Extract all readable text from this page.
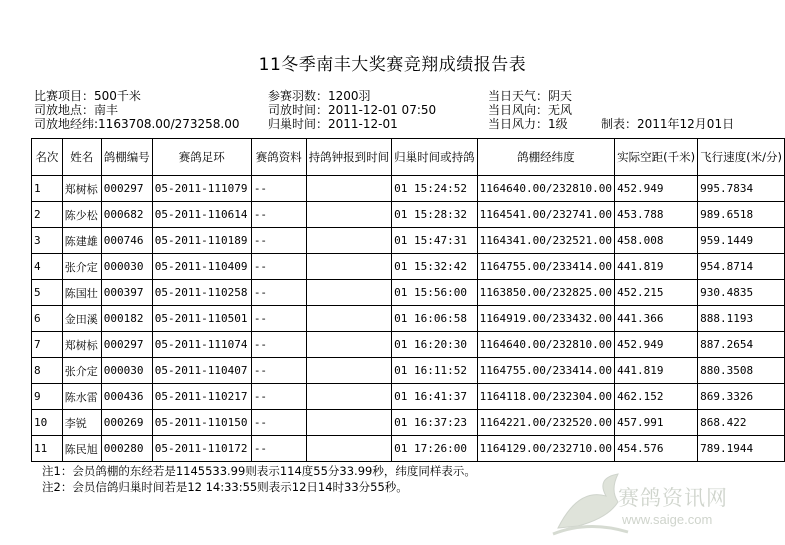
11冬季南丰大奖赛竞翔成绩报告表
比赛项目：500千米
司放地点：南丰
司放地经纬:1163708.00/273258.00
参赛羽数：1200羽
司放时间：2011-12-01 07:50
归巢时间：2011-12-01
当日天气：阴天
当日风向：无风
当日风力：1级	制表：2011年12月01日
名次	姓名	鸽棚编号	赛鸽足环	赛鸽资料	持鸽钟报到时间	归巢时间或持鸽	鸽棚经纬度	实际空距(千米)	飞行速度(米/分)
1	郑树标	000297	05-2011-111079	--		01 15:24:52	1164640.00/232810.00	452.949	995.7834
2	陈少松	000682	05-2011-110614	--		01 15:28:32	1164541.00/232741.00	453.788	989.6518
3	陈建雄	000746	05-2011-110189	--		01 15:47:31	1164341.00/232521.00	458.008	959.1449
4	张介定	000030	05-2011-110409	--		01 15:32:42	1164755.00/233414.00	441.819	954.8714
5	陈国壮	000397	05-2011-110258	--		01 15:56:00	1163850.00/232825.00	452.215	930.4835
6	金田溪	000182	05-2011-110501	--		01 16:06:58	1164919.00/233432.00	441.366	888.1193
7	郑树标	000297	05-2011-111074	--		01 16:20:30	1164640.00/232810.00	452.949	887.2654
8	张介定	000030	05-2011-110407	--		01 16:11:52	1164755.00/233414.00	441.819	880.3508
9	陈水雷	000436	05-2011-110217	--		01 16:41:37	1164118.00/232304.00	462.152	869.3326
10	李锐	000269	05-2011-110150	--		01 16:37:23	1164221.00/232520.00	457.991	868.422
11	陈民旭	000280	05-2011-110172	--		01 17:26:00	1164129.00/232710.00	454.576	789.1944
注1：会员鸽棚的东经若是1145533.99则表示114度55分33.99秒，纬度同样表示。
注2：会员信鸽归巢时间若是12 14:33:55则表示12日14时33分55秒。	赛鸽资讯网
www.saige.com
